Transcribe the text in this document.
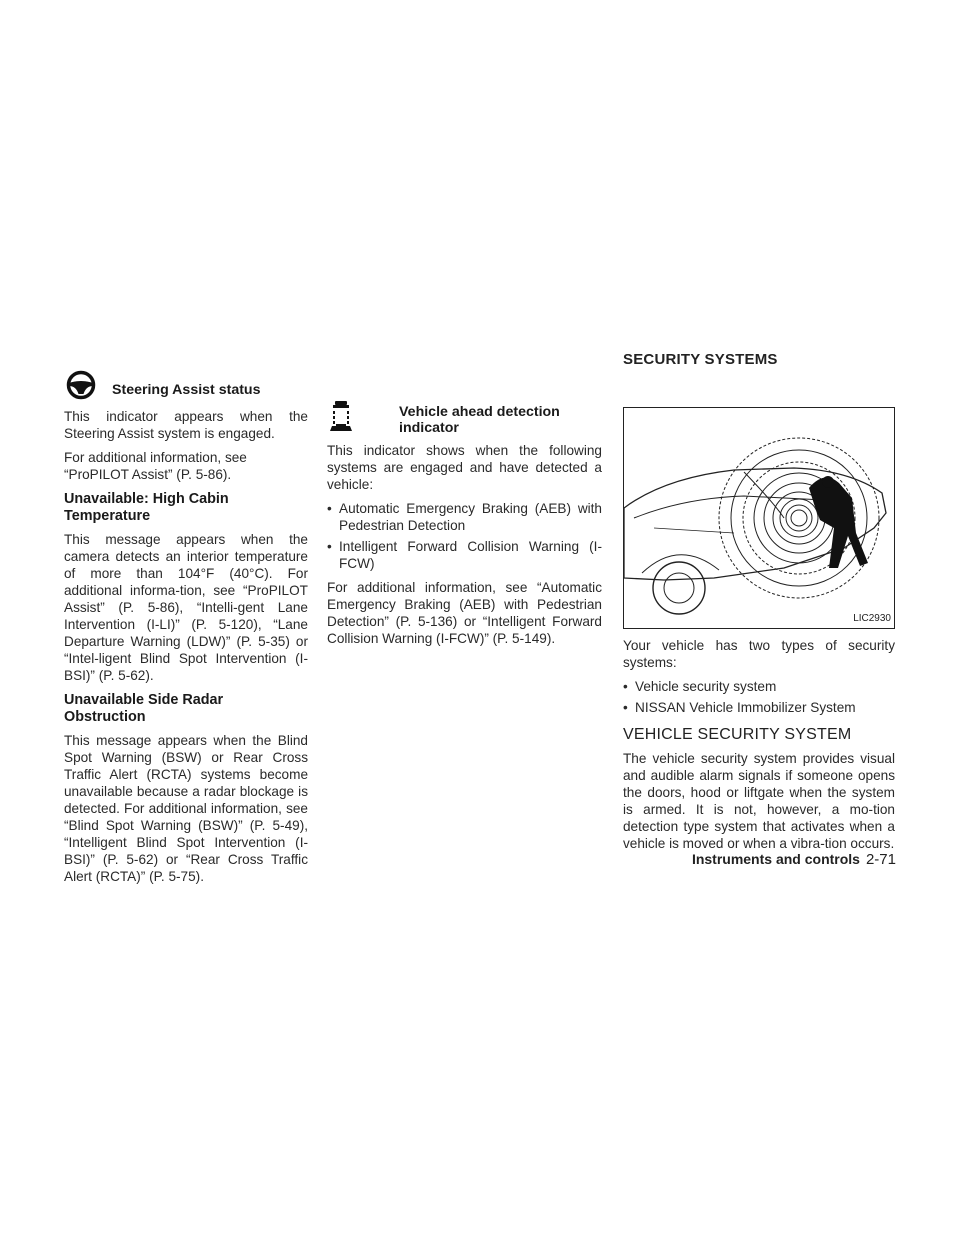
SECURITY SYSTEMS
Steering Assist status

This indicator appears when the Steering Assist system is engaged.

For additional information, see “ProPILOT Assist” (P. 5-86).

Unavailable: High Cabin Temperature

This message appears when the camera detects an interior temperature of more than 104°F (40°C). For additional informa-tion, see “ProPILOT Assist” (P. 5-86), “Intelli-gent Lane Intervention (I-LI)” (P. 5-120), “Lane Departure Warning (LDW)” (P. 5-35) or “Intel-ligent Blind Spot Intervention (I-BSI)” (P. 5-62).

Unavailable Side Radar Obstruction

This message appears when the Blind Spot Warning (BSW) or Rear Cross Traffic Alert (RCTA) systems become unavailable because a radar blockage is detected. For additional information, see “Blind Spot Warning (BSW)” (P. 5-49), “Intelligent Blind Spot Intervention (I-BSI)” (P. 5-62) or “Rear Cross Traffic Alert (RCTA)” (P. 5-75).

Vehicle ahead detection
indicator

This indicator shows when the following systems are engaged and have detected a vehicle:

• Automatic Emergency Braking (AEB) with Pedestrian Detection
• Intelligent Forward Collision Warning (I-FCW)

For additional information, see “Automatic Emergency Braking (AEB) with Pedestrian Detection” (P. 5-136) or “Intelligent Forward Collision Warning (I-FCW)” (P. 5-149).

LIC2930

Your vehicle has two types of security systems:

• Vehicle security system
• NISSAN Vehicle Immobilizer System
VEHICLE SECURITY SYSTEM

The vehicle security system provides visual and audible alarm signals if someone opens the doors, hood or liftgate when the system is armed. It is not, however, a mo-tion detection type system that activates when a vehicle is moved or when a vibra-tion occurs.

Instruments and controls 2-71
